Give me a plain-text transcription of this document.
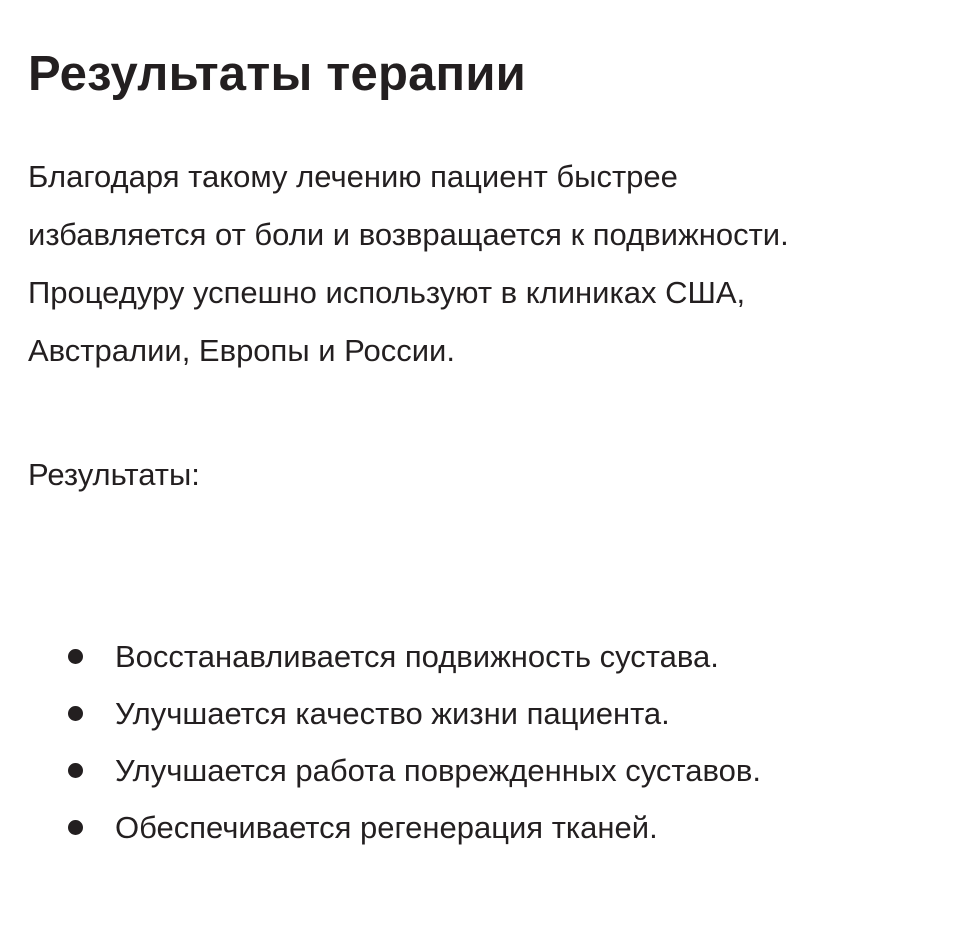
Результаты терапии

Благодаря такому лечению пациент быстрее
избавляется от боли и возвращается к подвижности.
Процедуру успешно используют в клиниках США,
Австралии, Европы и России.

Результаты:

Восстанавливается подвижность сустава.
Улучшается качество жизни пациента.
Улучшается работа поврежденных суставов.
Обеспечивается регенерация тканей.
